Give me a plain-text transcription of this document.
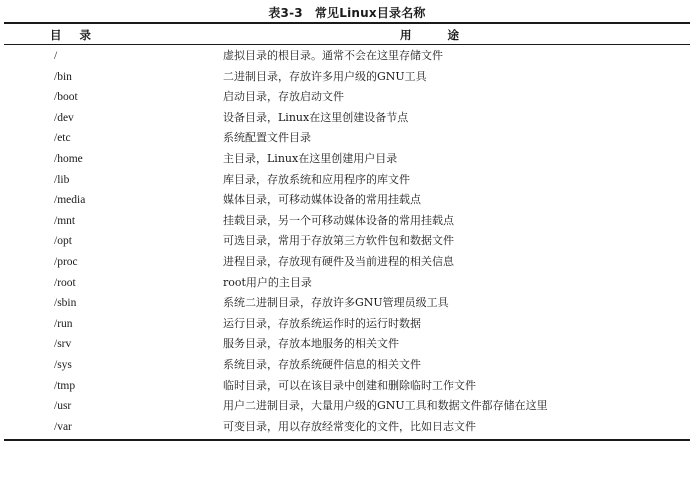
表3-3 常见Linux目录名称
目录	用途
/	虚拟目录的根目录。通常不会在这里存储文件
/bin	二进制目录，存放许多用户级的GNU工具
/boot	启动目录，存放启动文件
/dev	设备目录，Linux在这里创建设备节点
/etc	系统配置文件目录
/home	主目录，Linux在这里创建用户目录
/lib	库目录，存放系统和应用程序的库文件
/media	媒体目录，可移动媒体设备的常用挂载点
/mnt	挂载目录，另一个可移动媒体设备的常用挂载点
/opt	可选目录，常用于存放第三方软件包和数据文件
/proc	进程目录，存放现有硬件及当前进程的相关信息
/root	root用户的主目录
/sbin	系统二进制目录，存放许多GNU管理员级工具
/run	运行目录，存放系统运作时的运行时数据
/srv	服务目录，存放本地服务的相关文件
/sys	系统目录，存放系统硬件信息的相关文件
/tmp	临时目录，可以在该目录中创建和删除临时工作文件
/usr	用户二进制目录，大量用户级的GNU工具和数据文件都存储在这里
/var	可变目录，用以存放经常变化的文件，比如日志文件
